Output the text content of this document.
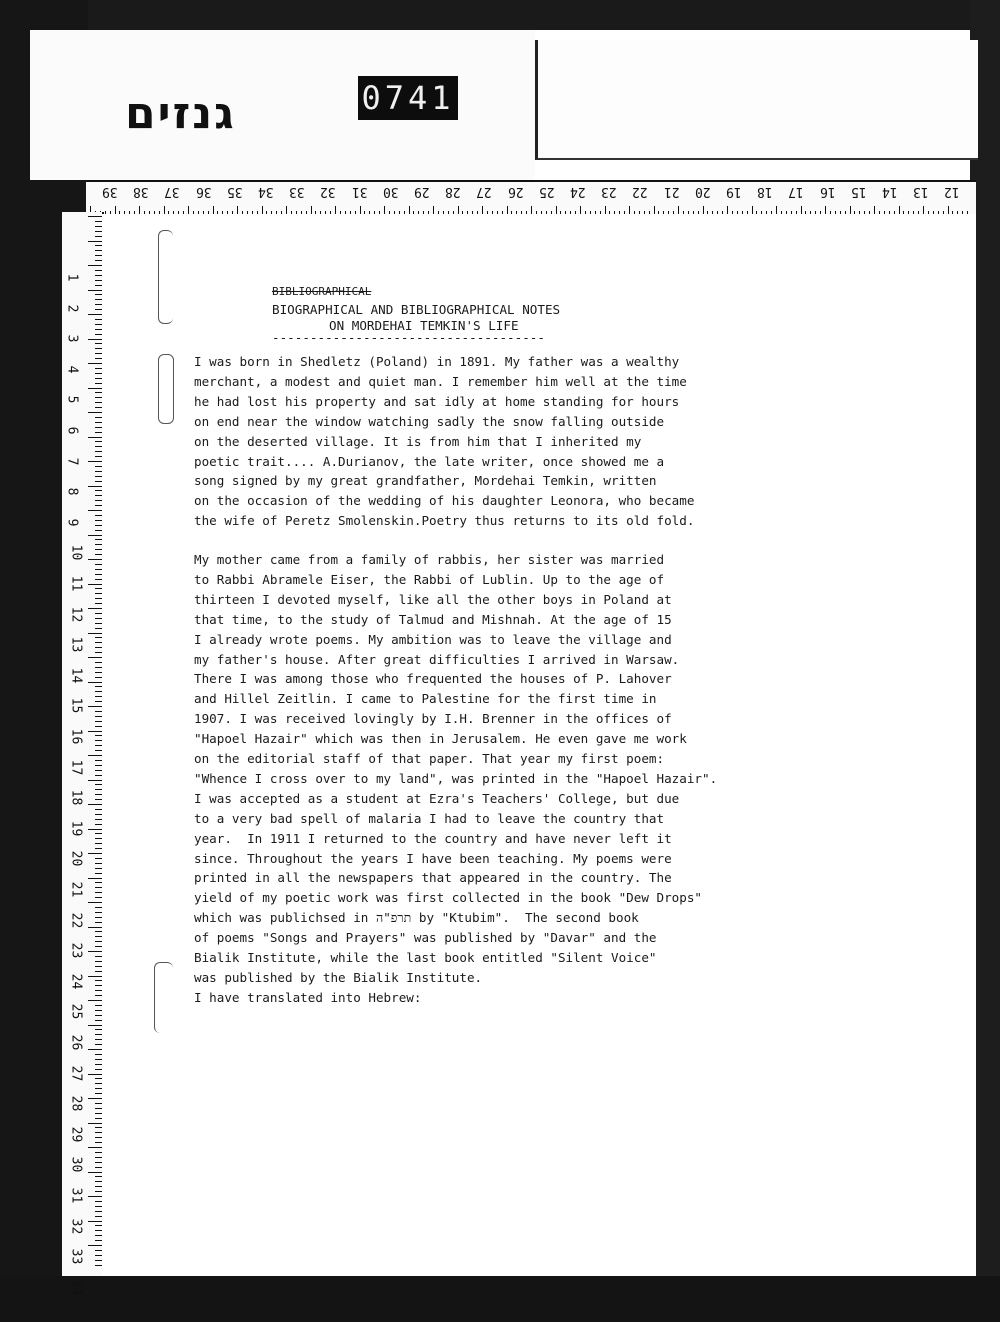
גנזים	0741
39 38 37 36 35 34 33 32 31 30 29 28 27 26 25 24 23 22 21 20 19 18 17 16 15 14 13 12
1
2
3
4
5
6
7
8
9
10
11
12
13
14
15
16
17
18
19
20
21
22
23
24
25
26
27
28
29
30
31
32
33
34
BIBLIOGRAPHICAL
BIOGRAPHICAL AND BIBLIOGRAPHICAL NOTES
ON MORDEHAI TEMKIN'S LIFE
------------------------------------
I was born in Shedletz (Poland) in 1891. My father was a wealthy
merchant, a modest and quiet man. I remember him well at the time
he had lost his property and sat idly at home standing for hours
on end near the window watching sadly the snow falling outside
on the deserted village. It is from him that I inherited my
poetic trait.... A.Durianov, the late writer, once showed me a
song signed by my great grandfather, Mordehai Temkin, written
on the occasion of the wedding of his daughter Leonora, who became
the wife of Peretz Smolenskin.Poetry thus returns to its old fold.
My mother came from a family of rabbis, her sister was married
to Rabbi Abramele Eiser, the Rabbi of Lublin. Up to the age of
thirteen I devoted myself, like all the other boys in Poland at
that time, to the study of Talmud and Mishnah. At the age of 15
I already wrote poems. My ambition was to leave the village and
my father's house. After great difficulties I arrived in Warsaw.
There I was among those who frequented the houses of P. Lahover
and Hillel Zeitlin. I came to Palestine for the first time in
1907. I was received lovingly by I.H. Brenner in the offices of
"Hapoel Hazair" which was then in Jerusalem. He even gave me work
on the editorial staff of that paper. That year my first poem:
"Whence I cross over to my land", was printed in the "Hapoel Hazair".
I was accepted as a student at Ezra's Teachers' College, but due
to a very bad spell of malaria I had to leave the country that
year.  In 1911 I returned to the country and have never left it
since. Throughout the years I have been teaching. My poems were
printed in all the newspapers that appeared in the country. The
yield of my poetic work was first collected in the book "Dew Drops"
which was publichsed in תרפ"ה by "Ktubim".  The second book
of poems "Songs and Prayers" was published by "Davar" and the
Bialik Institute, while the last book entitled "Silent Voice"
was published by the Bialik Institute.
I have translated into Hebrew:
